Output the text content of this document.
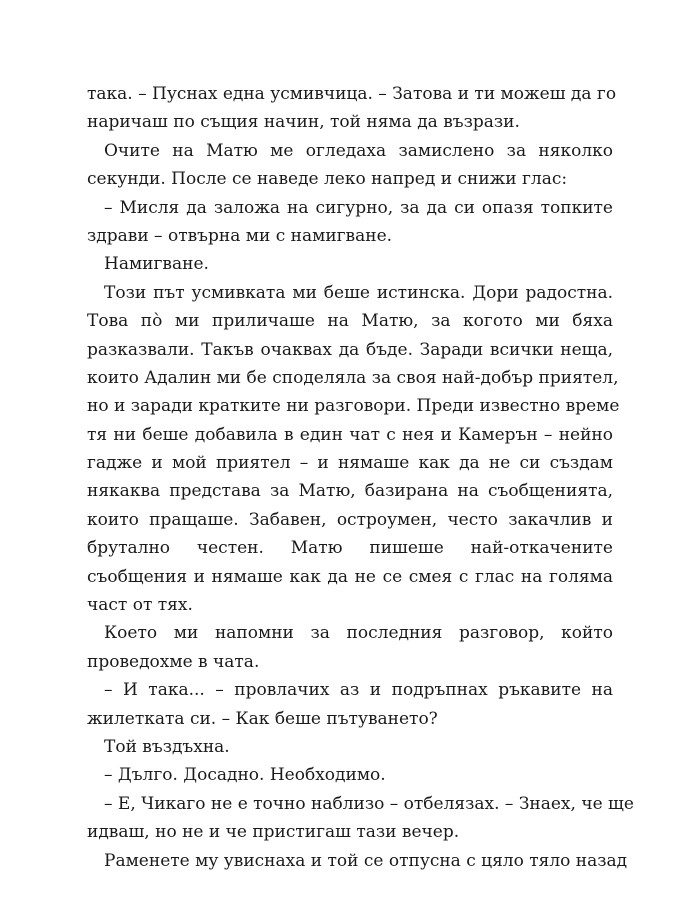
така. – Пуснах една усмивчица. – Затова и ти можеш да го
наричаш по същия начин, той няма да възрази.
Очите на Матю ме огледаха замислено за няколко
секунди. После се наведе леко напред и снижи глас:
– Мисля да заложа на сигурно, за да си опазя топките
здрави – отвърна ми с намигване.
Намигване.
Този път усмивката ми беше истинска. Дори радостна.
Това по̀ ми приличаше на Матю, за когото ми бяха
разказвали. Такъв очаквах да бъде. Заради всички неща,
които Адалин ми бе споделяла за своя най-добър приятел,
но и заради кратките ни разговори. Преди известно време
тя ни беше добавила в един чат с нея и Камерън – нейно
гадже и мой приятел – и нямаше как да не си създам
някаква представа за Матю, базирана на съобщенията,
които пращаше. Забавен, остроумен, често закачлив и
брутално честен. Матю пишеше най-откачените
съобщения и нямаше как да не се смея с глас на голяма
част от тях.
Което ми напомни за последния разговор, който
проведохме в чата.
– И така... – провлачих аз и подръпнах ръкавите на
жилетката си. – Как беше пътуването?
Той въздъхна.
– Дълго. Досадно. Необходимо.
– Е, Чикаго не е точно наблизо – отбелязах. – Знаех, че ще
идваш, но не и че пристигаш тази вечер.
Раменете му увиснаха и той се отпусна с цяло тяло назад
